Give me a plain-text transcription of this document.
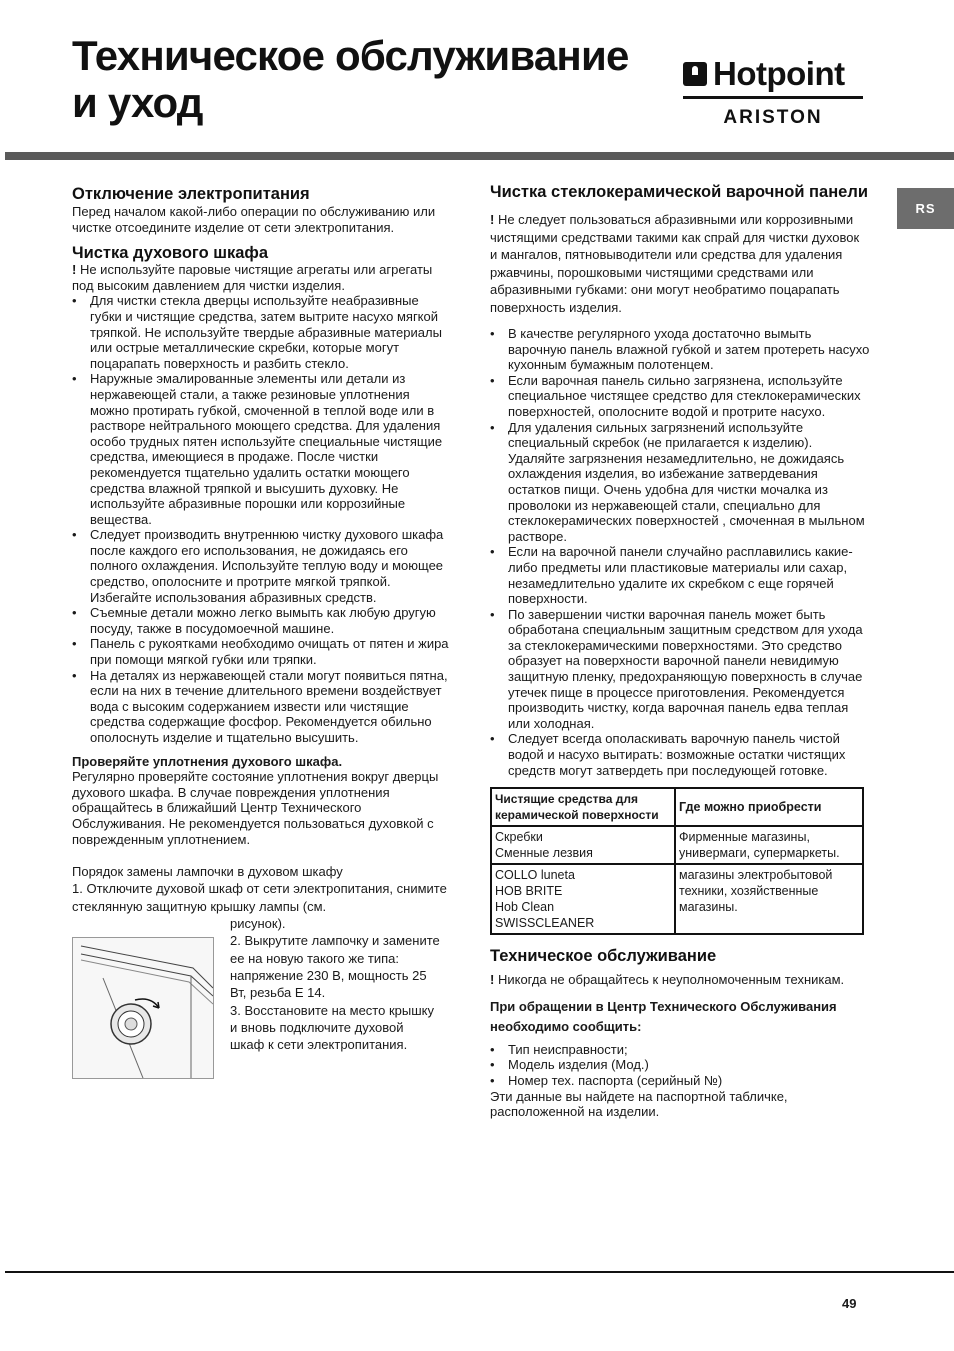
Техническое обслуживание
и уход
Hotpoint
ARISTON
RS
Отключение электропитания

Перед началом какой-либо операции по обслуживанию или чистке отсоедините изделие от сети электропитания.

Чистка духового шкафа

! Не используйте паровые чистящие агрегаты или агрегаты под высоким давлением для чистки изделия.

• Для чистки стекла дверцы используйте неабразивные губки и чистящие средства, затем вытрите насухо мягкой тряпкой. Не используйте твердые абразивные материалы или острые металлические скребки, которые могут поцарапать поверхность и разбить стекло.
• Наружные эмалированные элементы или детали из нержавеющей стали, а также резиновые уплотнения можно протирать губкой, смоченной в теплой воде или в растворе нейтрального моющего средства. Для удаления особо трудных пятен используйте специальные чистящие средства, имеющиеся в продаже. После чистки рекомендуется тщательно удалить остатки моющего средства влажной тряпкой и высушить духовку. Не используйте абразивные порошки или коррозийные вещества.
• Следует производить внутреннюю чистку духового шкафа после каждого его использования, не дожидаясь его полного охлаждения. Используйте теплую воду и моющее средство, ополосните и протрите мягкой тряпкой. Избегайте использования абразивных средств.
• Съемные детали можно легко вымыть как любую другую посуду, также в посудомоечной машине.
• Панель с рукоятками необходимо очищать от пятен и жира при помощи мягкой губки или тряпки.
• На деталях из нержавеющей стали могут появиться пятна, если на них в течение длительного времени воздействует вода с высоким содержанием извести или чистящие средства содержащие фосфор. Рекомендуется обильно ополоснуть изделие и тщательно высушить.

Проверяйте уплотнения духового шкафа.

Регулярно проверяйте состояние уплотнения вокруг дверцы духового шкафа. В случае повреждения уплотнения обращайтесь в ближайший Центр Технического Обслуживания. Не рекомендуется пользоваться духовкой с поврежденным уплотнением.

Порядок замены лампочки в духовом шкафу

1. Отключите духовой шкаф от сети электропитания, снимите стеклянную защитную крышку лампы (см.

рисунок).

2. Выкрутите лампочку и замените ее на новую такого же типа: напряжение 230 В, мощность 25 Вт, резьба Е 14.

3. Восстановите на место крышку и вновь подключите духовой шкаф к сети электропитания.

Чистка стеклокерамической варочной панели

! Не следует пользоваться абразивными или коррозивными чистящими средствами такими как спрай для чистки духовок и мангалов, пятновыводители или средства для удаления ржавчины, порошковыми чистящими средствами или абразивными губками: они могут необратимо поцарапать поверхность изделия.

• В качестве регулярного ухода достаточно вымыть варочную панель влажной губкой и затем протереть насухо кухонным бумажным полотенцем.
• Если варочная панель сильно загрязнена, используйте специальное чистящее средство для стеклокерамических поверхностей, ополосните водой и протрите насухо.
• Для удаления сильных загрязнений используйте специальный скребок (не прилагается к изделию). Удаляйте загрязнения незамедлительно, не дожидаясь охлаждения изделия, во избежание затвердевания остатков пищи. Очень удобна для чистки мочалка из проволоки из нержавеющей стали, специально для стеклокерамических поверхностей , смоченная в мыльном растворе.
• Если на варочной панели случайно расплавились какие-либо предметы или пластиковые материалы или сахар, незамедлительно удалите их скребком с еще горячей поверхности.
• По завершении чистки варочная панель может быть обработана специальным защитным средством для ухода за стеклокерамическими поверхностями. Это средство образует на поверхности варочной панели невидимую защитную пленку, предохраняющую поверхность в случае утечек пище в процессе приготовления. Рекомендуется производить чистку, когда варочная панель едва теплая или холодная.
• Следует всегда ополаскивать варочную панель чистой водой и насухо вытирать: возможные остатки чистящих средств могут затвердеть при последующей готовке.
Чистящие средства для керамической поверхности	Где можно приобрести

Скребки
Сменные лезвия	Фирменные магазины, универмаги, супермаркеты.

COLLO luneta
HOB BRITE
Hob Clean
SWISSCLEANER	магазины электробытовой техники, хозяйственные магазины.
Техническое обслуживание

! Никогда не обращайтесь к неуполномоченным техникам.

При обращении в Центр Технического Обслуживания необходимо сообщить:

• Тип неисправности;
• Модель изделия (Мод.)
• Номер тех. паспорта (серийный №)

Эти данные вы найдете на паспортной табличке, расположенной на изделии.

49
